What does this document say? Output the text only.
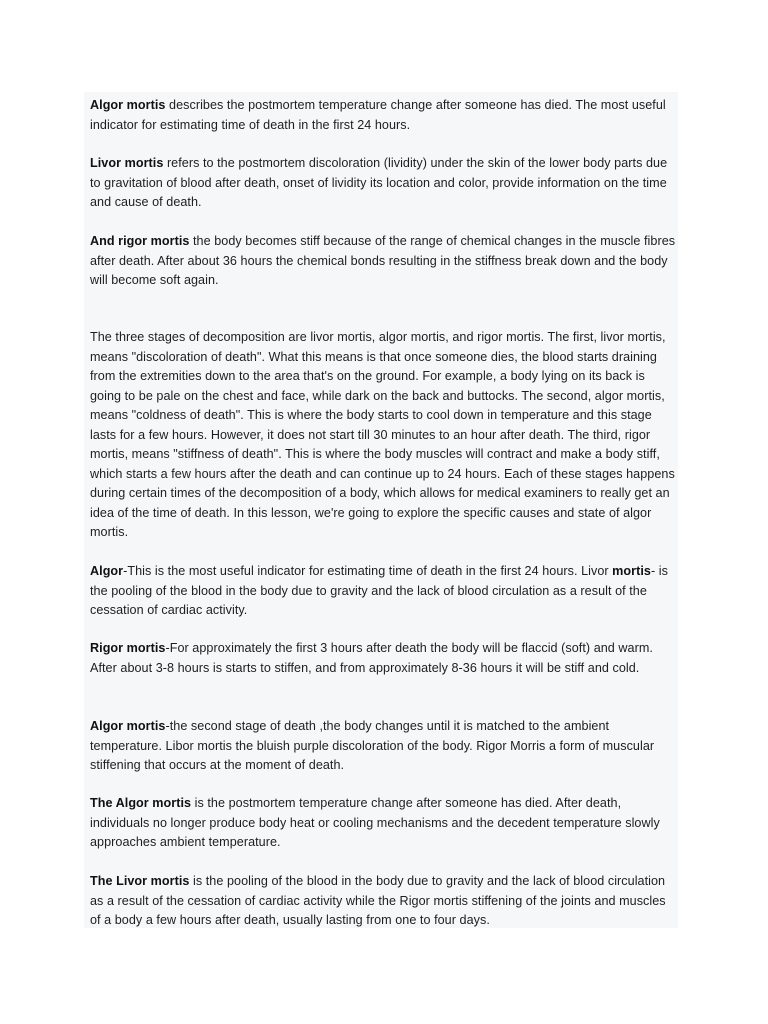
Algor mortis describes the postmortem temperature change after someone has died. The most useful indicator for estimating time of death in the first 24 hours.

Livor mortis refers to the postmortem discoloration (lividity) under the skin of the lower body parts due to gravitation of blood after death, onset of lividity its location and color, provide information on the time and cause of death.

And rigor mortis the body becomes stiff because of the range of chemical changes in the muscle fibres after death. After about 36 hours the chemical bonds resulting in the stiffness break down and the body will become soft again.

The three stages of decomposition are livor mortis, algor mortis, and rigor mortis. The first, livor mortis, means "discoloration of death". What this means is that once someone dies, the blood starts draining from the extremities down to the area that's on the ground. For example, a body lying on its back is going to be pale on the chest and face, while dark on the back and buttocks. The second, algor mortis, means "coldness of death". This is where the body starts to cool down in temperature and this stage lasts for a few hours. However, it does not start till 30 minutes to an hour after death. The third, rigor mortis, means "stiffness of death". This is where the body muscles will contract and make a body stiff, which starts a few hours after the death and can continue up to 24 hours. Each of these stages happens during certain times of the decomposition of a body, which allows for medical examiners to really get an idea of the time of death. In this lesson, we're going to explore the specific causes and state of algor mortis.

Algor-This is the most useful indicator for estimating time of death in the first 24 hours. Livor mortis- is the pooling of the blood in the body due to gravity and the lack of blood circulation as a result of the cessation of cardiac activity.

Rigor mortis-For approximately the first 3 hours after death the body will be flaccid (soft) and warm. After about 3-8 hours is starts to stiffen, and from approximately 8-36 hours it will be stiff and cold.

Algor mortis-the second stage of death ,the body changes until it is matched to the ambient temperature. Libor mortis the bluish purple discoloration of the body. Rigor Morris a form of muscular stiffening that occurs at the moment of death.

The Algor mortis is the postmortem temperature change after someone has died. After death, individuals no longer produce body heat or cooling mechanisms and the decedent temperature slowly approaches ambient temperature.

The Livor mortis is the pooling of the blood in the body due to gravity and the lack of blood circulation as a result of the cessation of cardiac activity while the Rigor mortis stiffening of the joints and muscles of a body a few hours after death, usually lasting from one to four days.
